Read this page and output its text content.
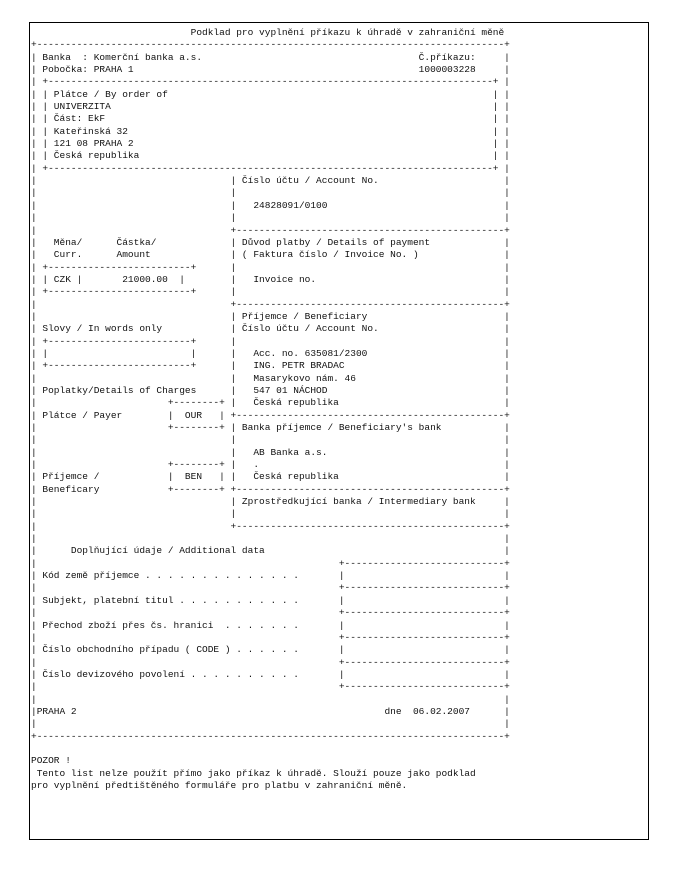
Podklad pro vyplnění příkazu k úhradě v zahraniční měně
+----------------------------------------------------------------------------------+
| Banka  : Komerční banka a.s.                                      Č.příkazu:     |
| Pobočka: PRAHA 1                                                  1000003228     |
| +------------------------------------------------------------------------------+ |
| | Plátce / By order of                                                         | |
| | UNIVERZITA                                                                   | |
| | Část: EkF                                                                    | |
| | Kateřinská 32                                                                | |
| | 121 08 PRAHA 2                                                               | |
| | Česká republika                                                              | |
| +------------------------------------------------------------------------------+ |
|                                  | Číslo účtu / Account No.                      |
|                                  |                                               |
|                                  |   24828091/0100                               |
|                                  |                                               |
|                                  +-----------------------------------------------+
|   Měna/      Částka/             | Důvod platby / Details of payment             |
|   Curr.      Amount              | ( Faktura číslo / Invoice No. )               |
| +-------------------------+      |                                               |
| | CZK |       21000.00  |        |   Invoice no.                                 |
| +-------------------------+      |                                               |
|                                  +-----------------------------------------------+
|                                  | Příjemce / Beneficiary                        |
| Slovy / In words only            | Číslo účtu / Account No.                      |
| +-------------------------+      |                                               |
| |                         |      |   Acc. no. 635081/2300                        |
| +-------------------------+      |   ING. PETR BRADAC                            |
|                                  |   Masarykovo nám. 46                          |
| Poplatky/Details of Charges      |   547 01 NÁCHOD                               |
|                       +--------+ |   Česká republika                             |
| Plátce / Payer        |  OUR   | +-----------------------------------------------+
|                       +--------+ | Banka příjemce / Beneficiary's bank           |
|                                  |                                               |
|                                  |   AB Banka a.s.                               |
|                       +--------+ |   .                                           |
| Příjemce /            |  BEN   | |   Česká republika                             |
| Beneficary            +--------+ +-----------------------------------------------+
|                                  | Zprostředkující banka / Intermediary bank     |
|                                  |                                               |
|                                  +-----------------------------------------------+
|                                                                                  |
|      Doplňující údaje / Additional data                                          |
|                                                     +----------------------------+
| Kód země příjemce . . . . . . . . . . . . . .       |                            |
|                                                     +----------------------------+
| Subjekt, platební titul . . . . . . . . . . .       |                            |
|                                                     +----------------------------+
| Přechod zboží přes čs. hranici  . . . . . . .       |                            |
|                                                     +----------------------------+
| Číslo obchodního případu ( CODE ) . . . . . .       |                            |
|                                                     +----------------------------+
| Číslo devizového povolení . . . . . . . . . .       |                            |
|                                                     +----------------------------+
|                                                                                  |
|PRAHA 2                                                      dne  06.02.2007      |
|                                                                                  |
+----------------------------------------------------------------------------------+

POZOR !
Tento list nelze použít přímo jako příkaz k úhradě. Slouží pouze jako podklad
pro vyplnění předtištěného formuláře pro platbu v zahraniční měně.
